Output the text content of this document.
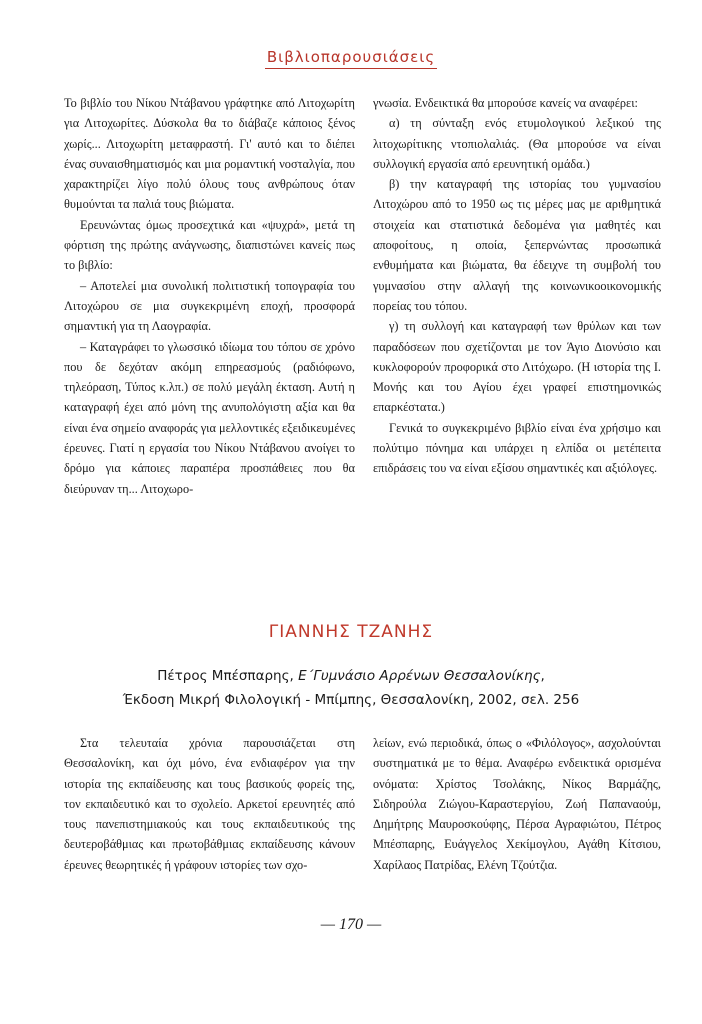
Βιβλιοπαρουσιάσεις

Το βιβλίο του Νίκου Ντάβανου γράφτηκε από Λιτοχωρίτη για Λιτοχωρίτες. Δύσκολα θα το διάβαζε κάποιος ξένος χωρίς... Λιτοχωρίτη μεταφραστή. Γι' αυτό και το διέπει ένας συναισθηματισμός και μια ρομαντική νοσταλγία, που χαρακτηρίζει λίγο πολύ όλους τους ανθρώπους όταν θυμούνται τα παλιά τους βιώματα.

Ερευνώντας όμως προσεχτικά και «ψυχρά», μετά τη φόρτιση της πρώτης ανάγνωσης, διαπιστώνει κανείς πως το βιβλίο:

– Αποτελεί μια συνολική πολιτιστική τοπογραφία του Λιτοχώρου σε μια συγκεκριμένη εποχή, προσφορά σημαντική για τη Λαογραφία.

– Καταγράφει το γλωσσικό ιδίωμα του τόπου σε χρόνο που δε δεχόταν ακόμη επηρεασμούς (ραδιόφωνο, τηλεόραση, Τύπος κ.λπ.) σε πολύ μεγάλη έκταση. Αυτή η καταγραφή έχει από μόνη της ανυπολόγιστη αξία και θα είναι ένα σημείο αναφοράς για μελλοντικές εξειδικευμένες έρευνες. Γιατί η εργασία του Νίκου Ντάβανου ανοίγει το δρόμο για κάποιες παραπέρα προσπάθειες που θα διεύρυναν τη... Λιτοχωρο-

γνωσία. Ενδεικτικά θα μπορούσε κανείς να αναφέρει:

α) τη σύνταξη ενός ετυμολογικού λεξικού της λιτοχωρίτικης ντοπιολαλιάς. (Θα μπορούσε να είναι συλλογική εργασία από ερευνητική ομάδα.)

β) την καταγραφή της ιστορίας του γυμνασίου Λιτοχώρου από το 1950 ως τις μέρες μας με αριθμητικά στοιχεία και στατιστικά δεδομένα για μαθητές και αποφοίτους, η οποία, ξεπερνώντας προσωπικά ενθυμήματα και βιώματα, θα έδειχνε τη συμβολή του γυμνασίου στην αλλαγή της κοινωνικοοικονομικής πορείας του τόπου.

γ) τη συλλογή και καταγραφή των θρύλων και των παραδόσεων που σχετίζονται με τον Άγιο Διονύσιο και κυκλοφορούν προφορικά στο Λιτόχωρο. (Η ιστορία της Ι. Μονής και του Αγίου έχει γραφεί επιστημονικώς επαρκέστατα.)

Γενικά το συγκεκριμένο βιβλίο είναι ένα χρήσιμο και πολύτιμο πόνημα και υπάρχει η ελπίδα οι μετέπειτα επιδράσεις του να είναι εξίσου σημαντικές και αξιόλογες.

ΓΙΑΝΝΗΣ ΤΖΑΝΗΣ
Πέτρος Μπέσπαρης, Ε΄Γυμνάσιο Αρρένων Θεσσαλονίκης,
Έκδοση Μικρή Φιλολογική - Μπίμπης, Θεσσαλονίκη, 2002, σελ. 256

Στα τελευταία χρόνια παρουσιάζεται στη Θεσσαλονίκη, και όχι μόνο, ένα ενδιαφέρον για την ιστορία της εκπαίδευσης και τους βασικούς φορείς της, τον εκπαιδευτικό και το σχολείο. Αρκετοί ερευνητές από τους πανεπιστημιακούς και τους εκπαιδευτικούς της δευτεροβάθμιας και πρωτοβάθμιας εκπαίδευσης κάνουν έρευνες θεωρητικές ή γράφουν ιστορίες των σχο-

λείων, ενώ περιοδικά, όπως ο «Φιλόλογος», ασχολούνται συστηματικά με το θέμα. Αναφέρω ενδεικτικά ορισμένα ονόματα: Χρίστος Τσολάκης, Νίκος Βαρμάζης, Σιδηρούλα Ζιώγου-Καραστεργίου, Ζωή Παπαναούμ, Δημήτρης Μαυροσκούφης, Πέρσα Αγραφιώτου, Πέτρος Μπέσπαρης, Ευάγγελος Χεκίμογλου, Αγάθη Κίτσιου, Χαρίλαος Πατρίδας, Ελένη Τζούτζια.

— 170 —
